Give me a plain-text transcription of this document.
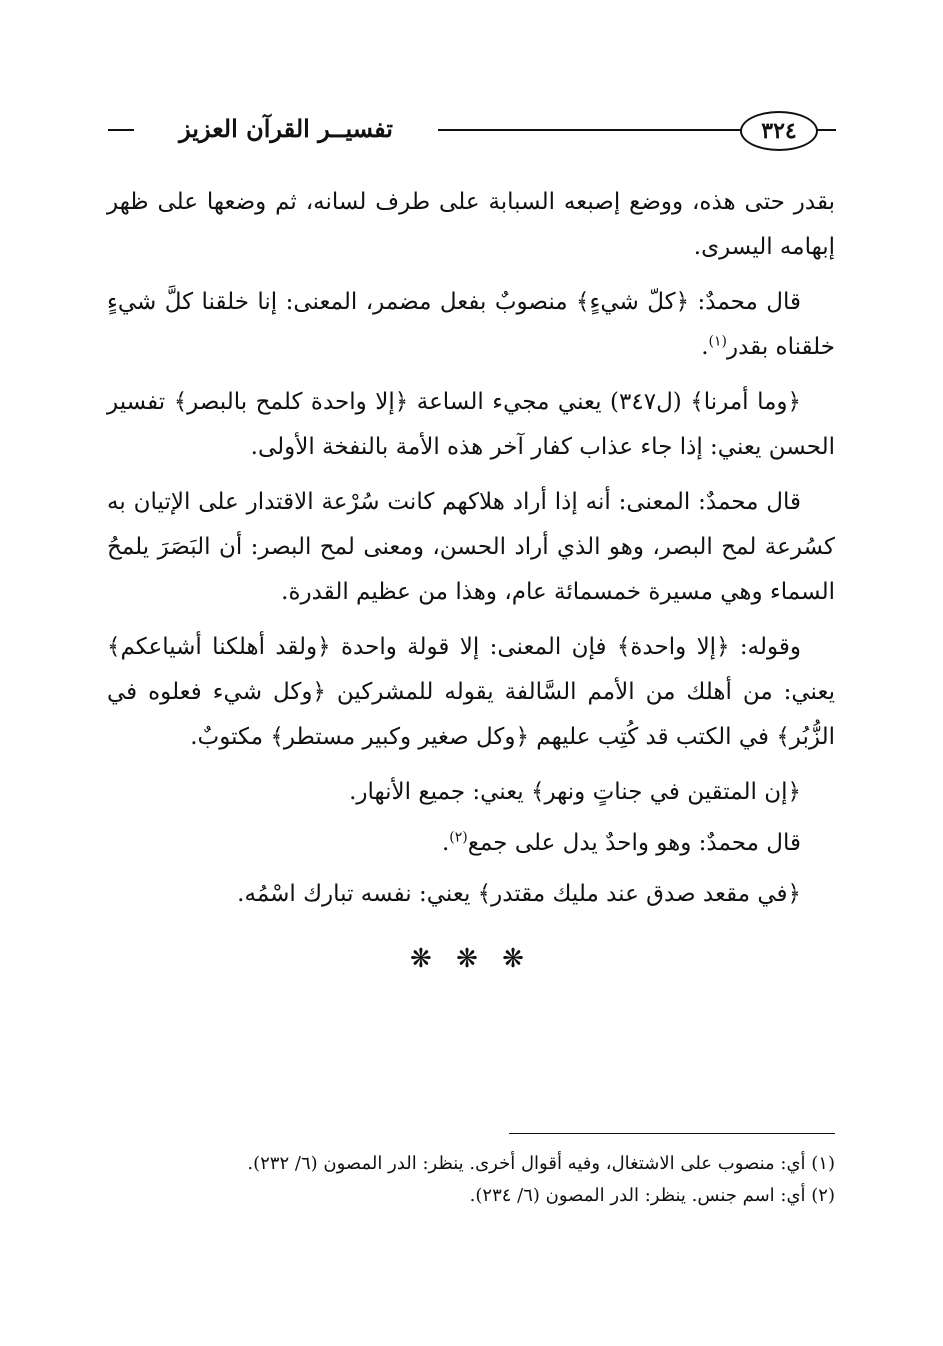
٣٢٤
تفسيــر القرآن العزيز

بقدر حتى هذه، ووضع إصبعه السبابة على طرف لسانه، ثم وضعها على ظهر إبهامه اليسرى.

قال محمدٌ: ﴿كلّ شيءٍ﴾ منصوبٌ بفعل مضمر، المعنى: إنا خلقنا كلَّ شيءٍ خلقناه بقدر$^{(١)}$.

﴿وما أمرنا﴾ (ل٣٤٧) يعني مجيء الساعة ﴿إلا واحدة كلمح بالبصر﴾ تفسير الحسن يعني: إذا جاء عذاب كفار آخر هذه الأمة بالنفخة الأولى.

قال محمدٌ: المعنى: أنه إذا أراد هلاكهم كانت سُرْعة الاقتدار على الإتيان به كسُرعة لمح البصر، وهو الذي أراد الحسن، ومعنى لمح البصر: أن البَصَرَ يلمحُ السماء وهي مسيرة خمسمائة عام، وهذا من عظيم القدرة.

وقوله: ﴿إلا واحدة﴾ فإن المعنى: إلا قولة واحدة ﴿ولقد أهلكنا أشياعكم﴾ يعني: من أهلك من الأمم السَّالفة يقوله للمشركين ﴿وكل شيء فعلوه في الزُّبُر﴾ في الكتب قد كُتِب عليهم ﴿وكل صغير وكبير مستطر﴾ مكتوبٌ.

﴿إن المتقين في جناتٍ ونهر﴾ يعني: جميع الأنهار.

قال محمدٌ: وهو واحدٌ يدل على جمع$^{(٢)}$.

﴿في مقعد صدق عند مليك مقتدر﴾ يعني: نفسه تبارك اسْمُه.

❋ ❋ ❋
(١) أي: منصوب على الاشتغال، وفيه أقوال أخرى. ينظر: الدر المصون (٦/ ٢٣٢).
(٢) أي: اسم جنس. ينظر: الدر المصون (٦/ ٢٣٤).
